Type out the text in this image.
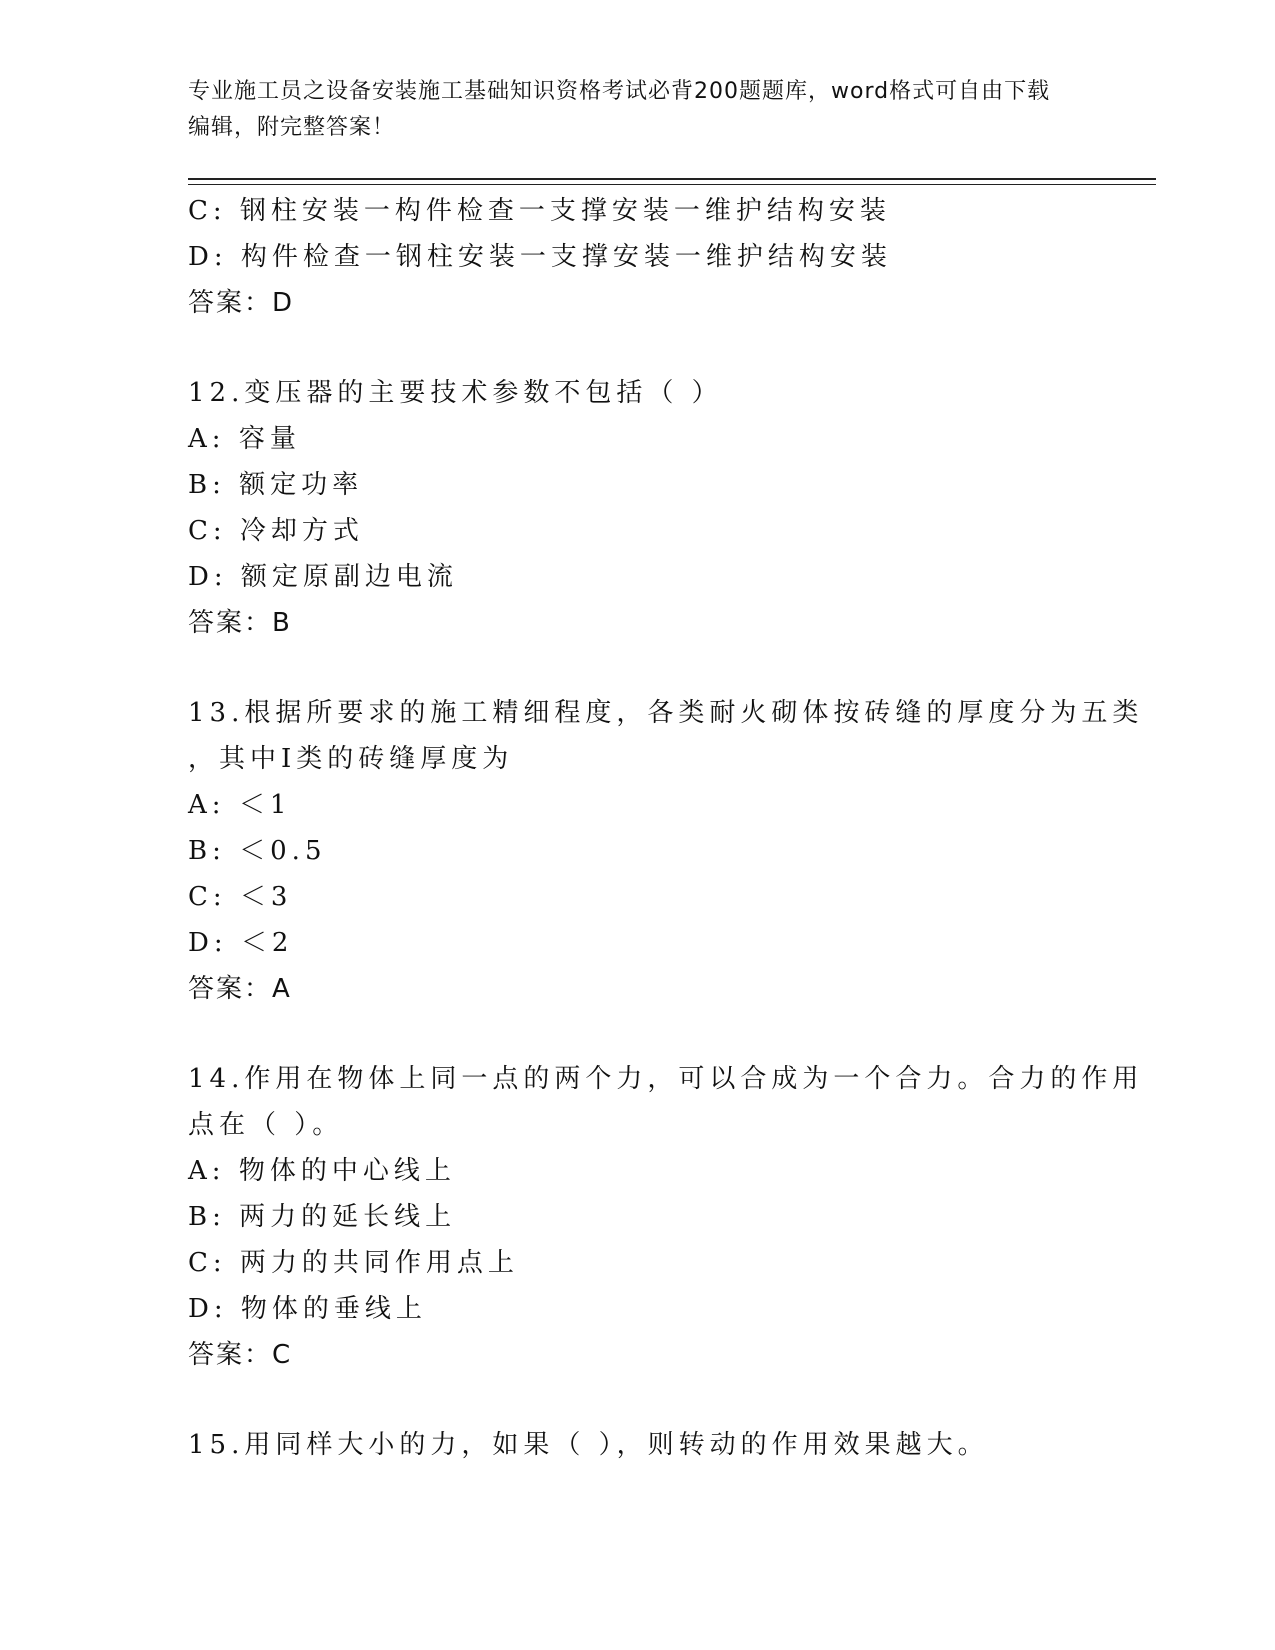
专业施工员之设备安装施工基础知识资格考试必背200题题库，word格式可自由下载编辑，附完整答案！
C: 钢柱安装一构件检查一支撑安装一维护结构安装
D: 构件检查一钢柱安装一支撑安装一维护结构安装
答案：D
12.变压器的主要技术参数不包括（ ）
A: 容量
B: 额定功率
C: 冷却方式
D: 额定原副边电流
答案：B
13.根据所要求的施工精细程度，各类耐火砌体按砖缝的厚度分为五类
，其中Ⅰ类的砖缝厚度为
A: ＜1
B: ＜0.5
C: ＜3
D: ＜2
答案：A
14.作用在物体上同一点的两个力，可以合成为一个合力。合力的作用
点在（ ）。
A: 物体的中心线上
B: 两力的延长线上
C: 两力的共同作用点上
D: 物体的垂线上
答案：C
15.用同样大小的力，如果（ ），则转动的作用效果越大。
